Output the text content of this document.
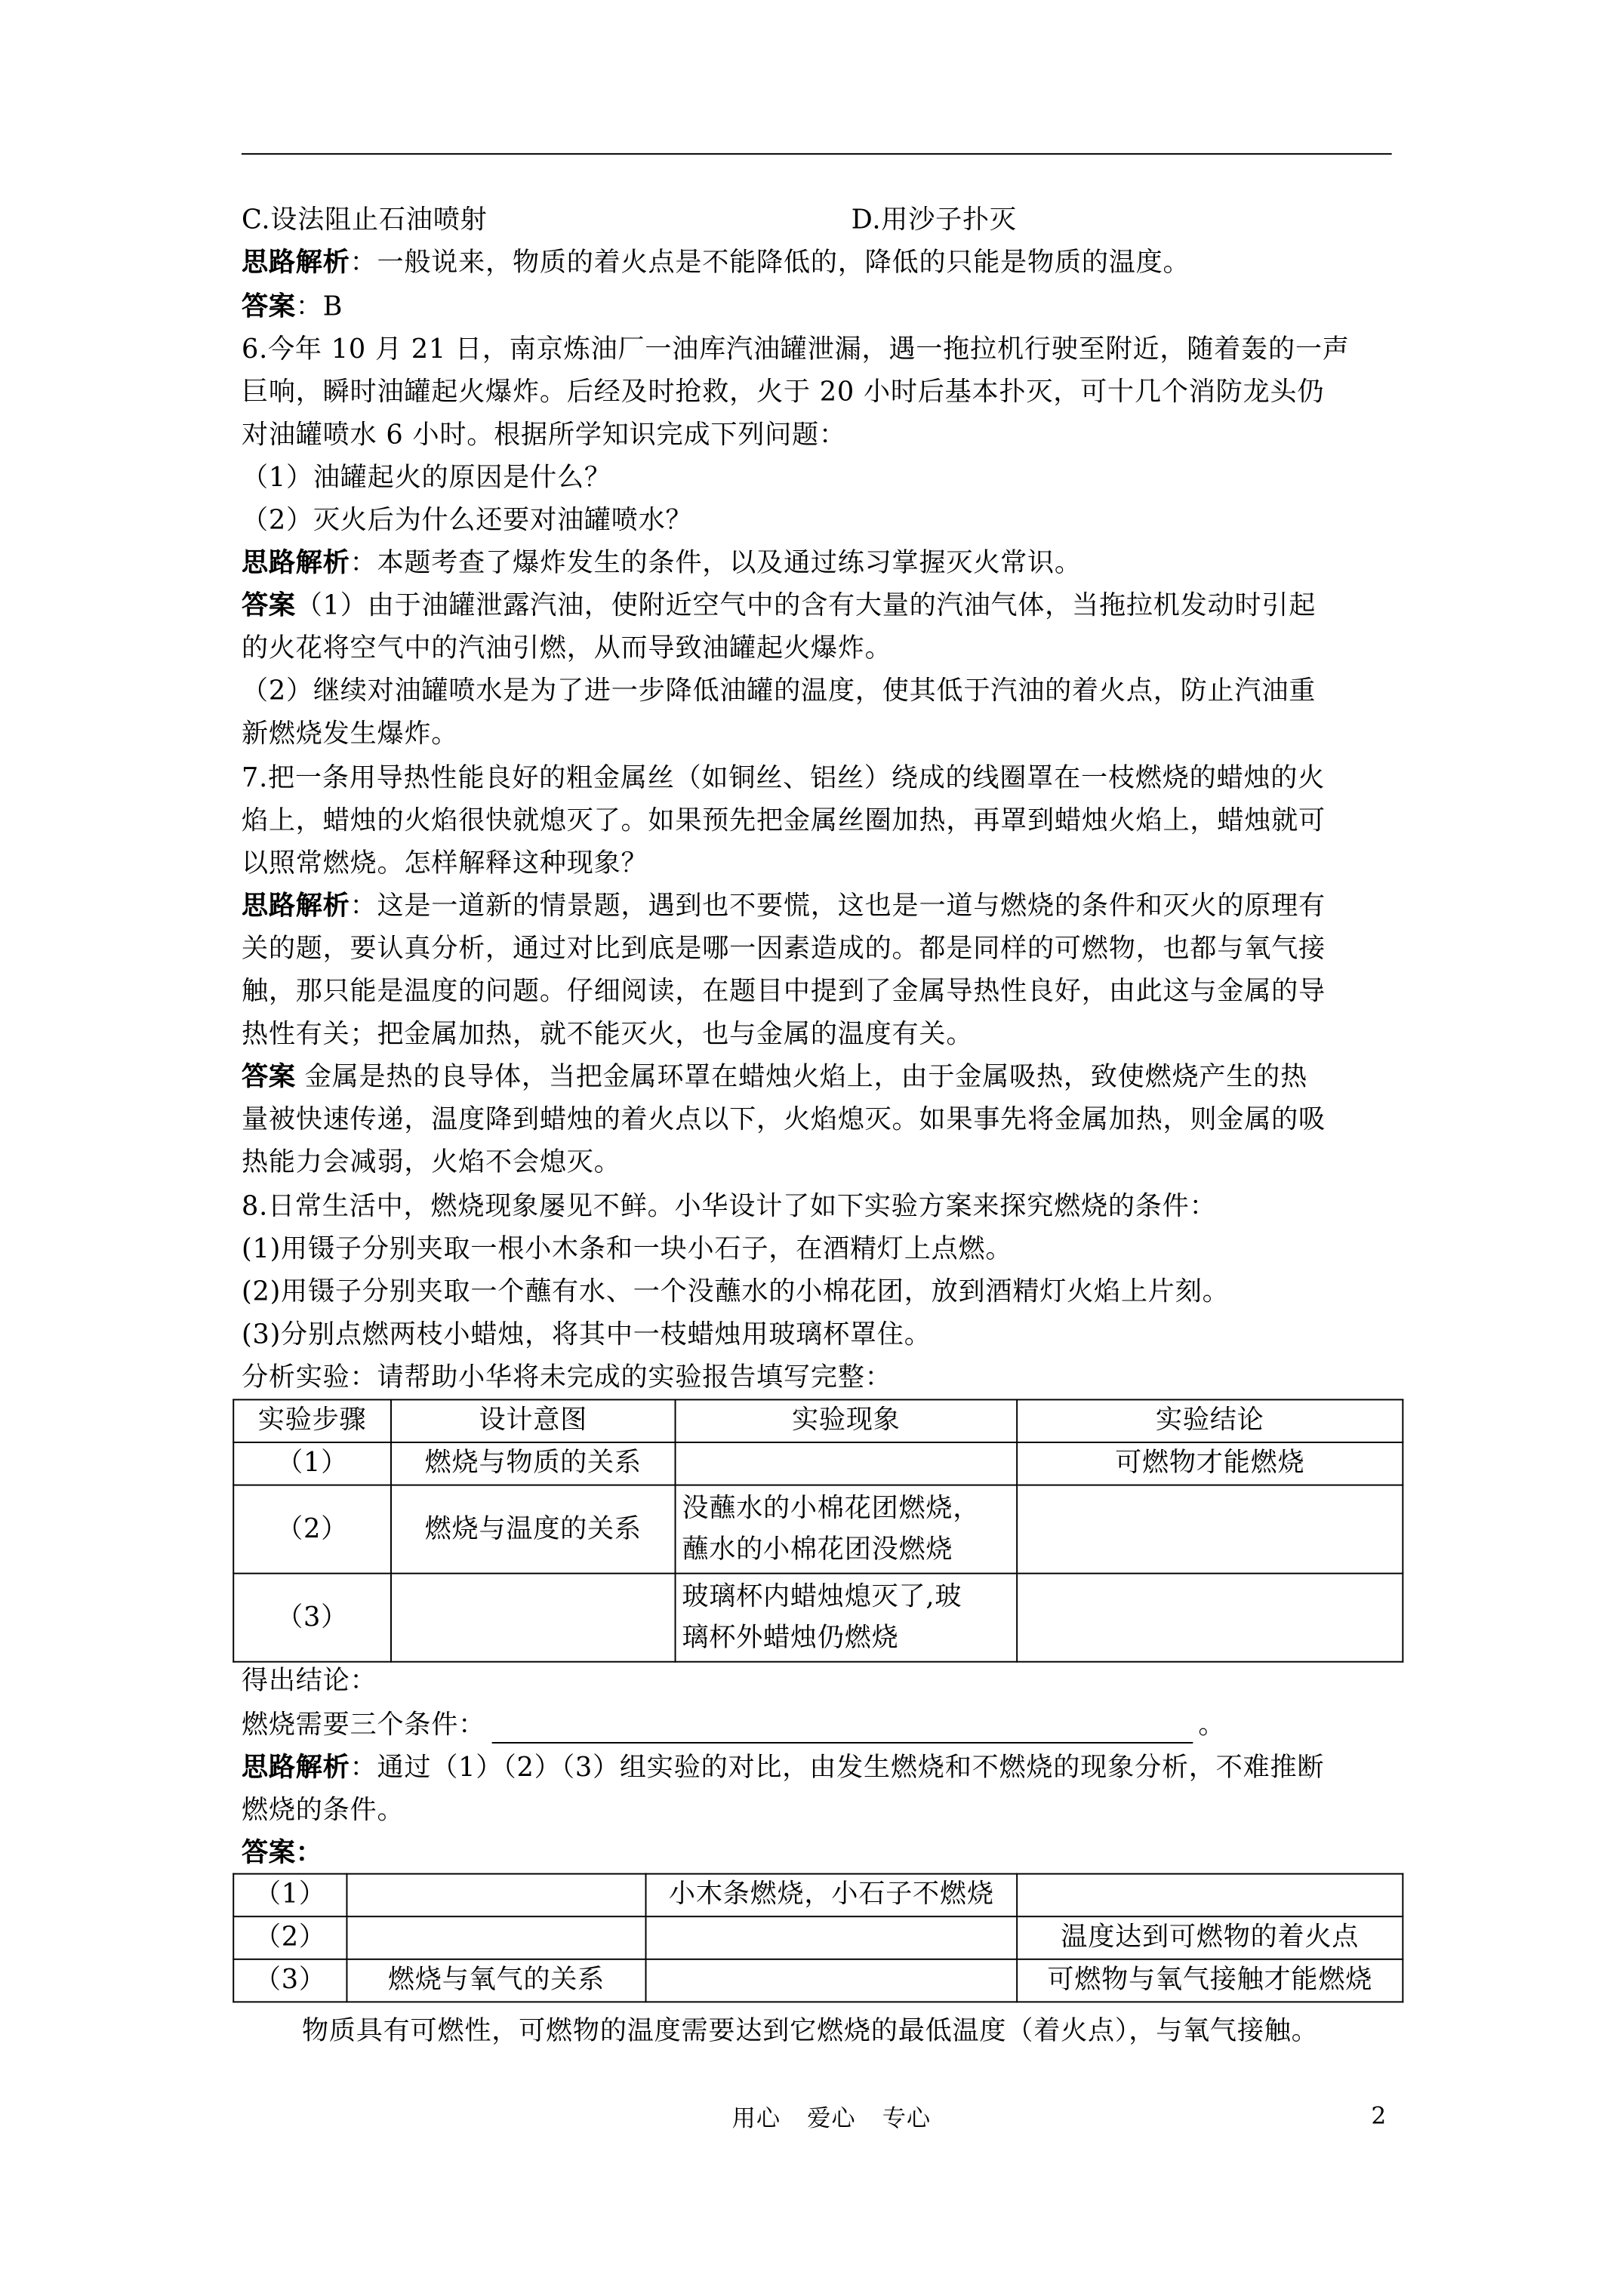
C.设法阻止石油喷射	D.用沙子扑灭
思路解析：一般说来，物质的着火点是不能降低的，降低的只能是物质的温度。
答案：B
6.今年 10 月 21 日，南京炼油厂一油库汽油罐泄漏，遇一拖拉机行驶至附近，随着轰的一声
巨响，瞬时油罐起火爆炸。后经及时抢救，火于 20 小时后基本扑灭，可十几个消防龙头仍
对油罐喷水 6 小时。根据所学知识完成下列问题：
（1）油罐起火的原因是什么？
（2）灭火后为什么还要对油罐喷水？
思路解析：本题考查了爆炸发生的条件，以及通过练习掌握灭火常识。
答案（1）由于油罐泄露汽油，使附近空气中的含有大量的汽油气体，当拖拉机发动时引起
的火花将空气中的汽油引燃，从而导致油罐起火爆炸。
（2）继续对油罐喷水是为了进一步降低油罐的温度，使其低于汽油的着火点，防止汽油重
新燃烧发生爆炸。
7.把一条用导热性能良好的粗金属丝（如铜丝、铝丝）绕成的线圈罩在一枝燃烧的蜡烛的火
焰上，蜡烛的火焰很快就熄灭了。如果预先把金属丝圈加热，再罩到蜡烛火焰上，蜡烛就可
以照常燃烧。怎样解释这种现象？
思路解析：这是一道新的情景题，遇到也不要慌，这也是一道与燃烧的条件和灭火的原理有
关的题，要认真分析，通过对比到底是哪一因素造成的。都是同样的可燃物，也都与氧气接
触，那只能是温度的问题。仔细阅读，在题目中提到了金属导热性良好，由此这与金属的导
热性有关；把金属加热，就不能灭火，也与金属的温度有关。
答案 金属是热的良导体，当把金属环罩在蜡烛火焰上，由于金属吸热，致使燃烧产生的热
量被快速传递，温度降到蜡烛的着火点以下，火焰熄灭。如果事先将金属加热，则金属的吸
热能力会减弱，火焰不会熄灭。
8.日常生活中，燃烧现象屡见不鲜。小华设计了如下实验方案来探究燃烧的条件：
(1)用镊子分别夹取一根小木条和一块小石子，在酒精灯上点燃。
(2)用镊子分别夹取一个蘸有水、一个没蘸水的小棉花团，放到酒精灯火焰上片刻。
(3)分别点燃两枝小蜡烛，将其中一枝蜡烛用玻璃杯罩住。
分析实验：请帮助小华将未完成的实验报告填写完整：
实验步骤	设计意图	实验现象	实验结论
（1）	燃烧与物质的关系		可燃物才能燃烧
（2）	燃烧与温度的关系	没蘸水的小棉花团燃烧，
蘸水的小棉花团没燃烧	

（3）		玻璃杯内蜡烛熄灭了,玻
璃杯外蜡烛仍燃烧	

得出结论：
燃烧需要三个条件：	。
思路解析：通过（1）（2）（3）组实验的对比，由发生燃烧和不燃烧的现象分析，不难推断
燃烧的条件。
答案：
（1）		小木条燃烧，小石子不燃烧	
（2）			温度达到可燃物的着火点
（3）	燃烧与氧气的关系		可燃物与氧气接触才能燃烧
物质具有可燃性，可燃物的温度需要达到它燃烧的最低温度（着火点），与氧气接触。
用心 爱心 专心	2
